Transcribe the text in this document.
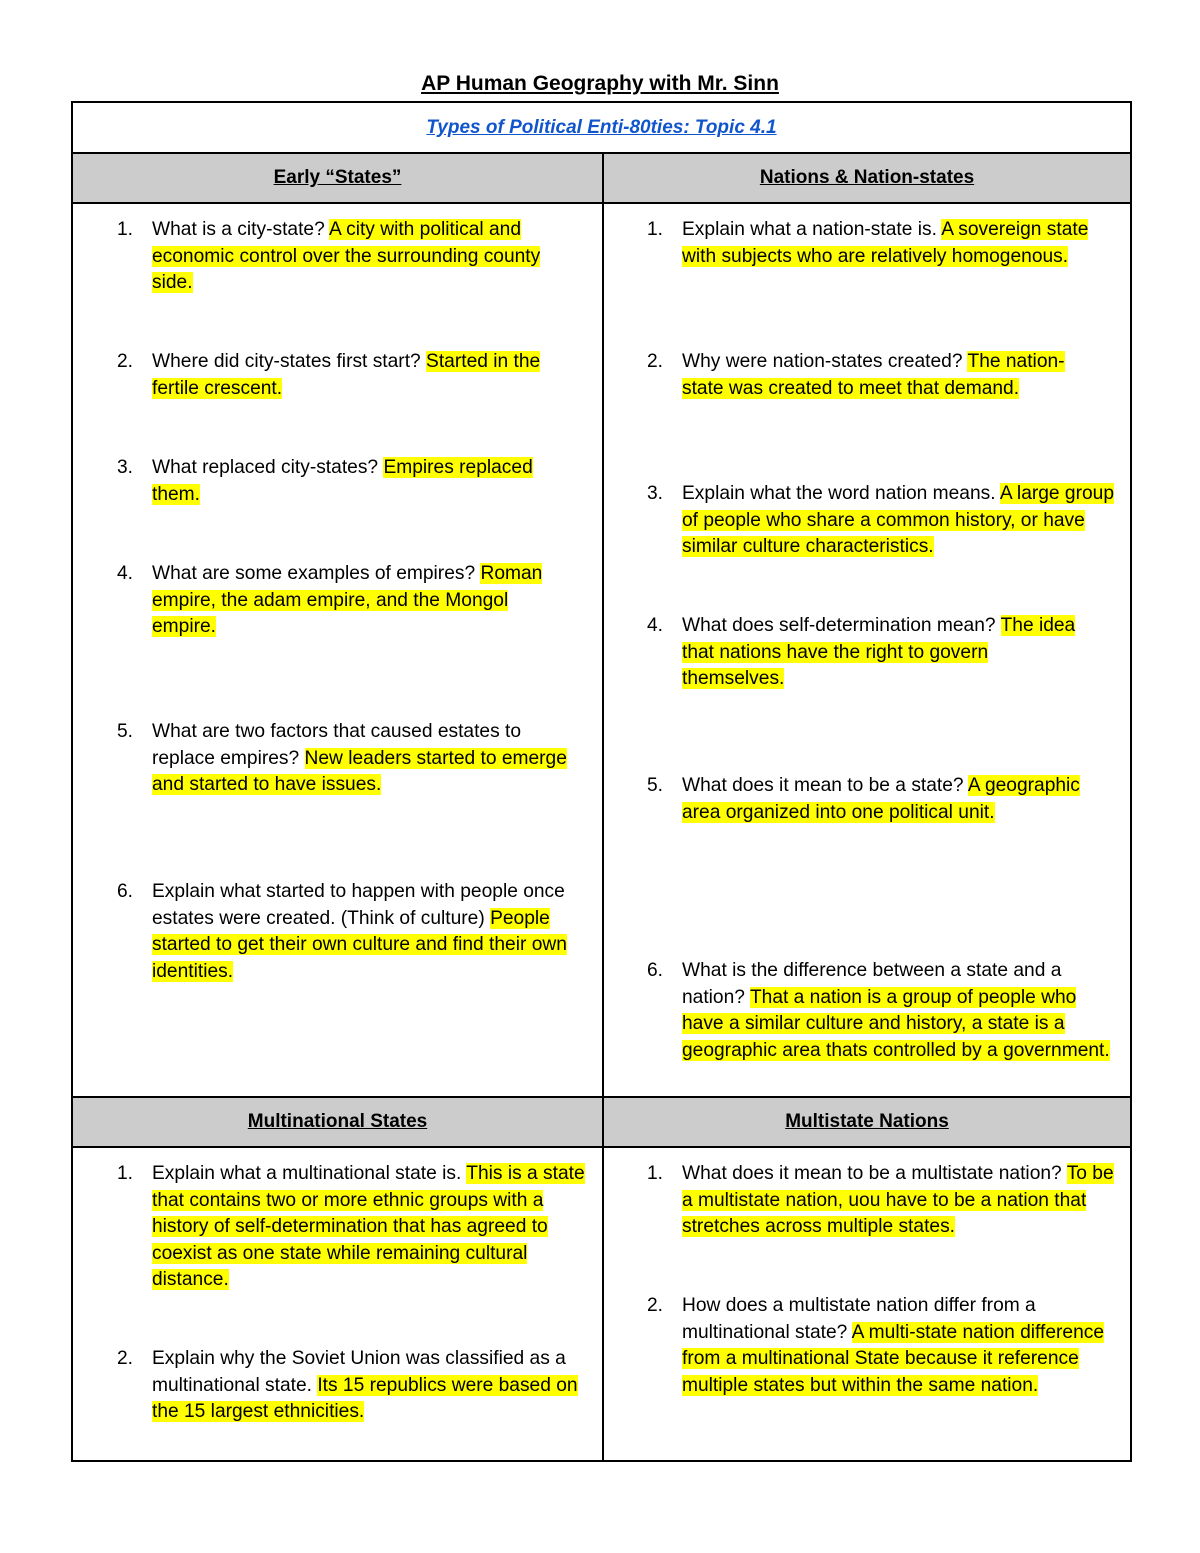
AP Human Geography with Mr. Sinn
Types of Political Enti-80ties: Topic 4.1
Early “States”	Nations & Nation-states
Multinational States	Multistate Nations
1. What is a city-state? A city with political and economic control over the surrounding county side.
2. Where did city-states first start? Started in the fertile crescent.
3. What replaced city-states? Empires replaced them.
4. What are some examples of empires? Roman empire, the adam empire, and the Mongol empire.
5. What are two factors that caused estates to replace empires? New leaders started to emerge and started to have issues.
6. Explain what started to happen with people once estates were created. (Think of culture) People started to get their own culture and find their own identities.
1. Explain what a nation-state is. A sovereign state with subjects who are relatively homogenous.
2. Why were nation-states created? The nation-state was created to meet that demand.
3. Explain what the word nation means. A large group of people who share a common history, or have similar culture characteristics.
4. What does self-determination mean? The idea that nations have the right to govern themselves.
5. What does it mean to be a state? A geographic area organized into one political unit.
6. What is the difference between a state and a nation? That a nation is a group of people who have a similar culture and history, a state is a geographic area thats controlled by a government.
1. Explain what a multinational state is. This is a state that contains two or more ethnic groups with a history of self-determination that has agreed to coexist as one state while remaining cultural distance.
2. Explain why the Soviet Union was classified as a multinational state. Its 15 republics were based on the 15 largest ethnicities.
1. What does it mean to be a multistate nation? To be a multistate nation, uou have to be a nation that stretches across multiple states.
2. How does a multistate nation differ from a multinational state? A multi-state nation difference from a multinational State because it reference multiple states but within the same nation.
